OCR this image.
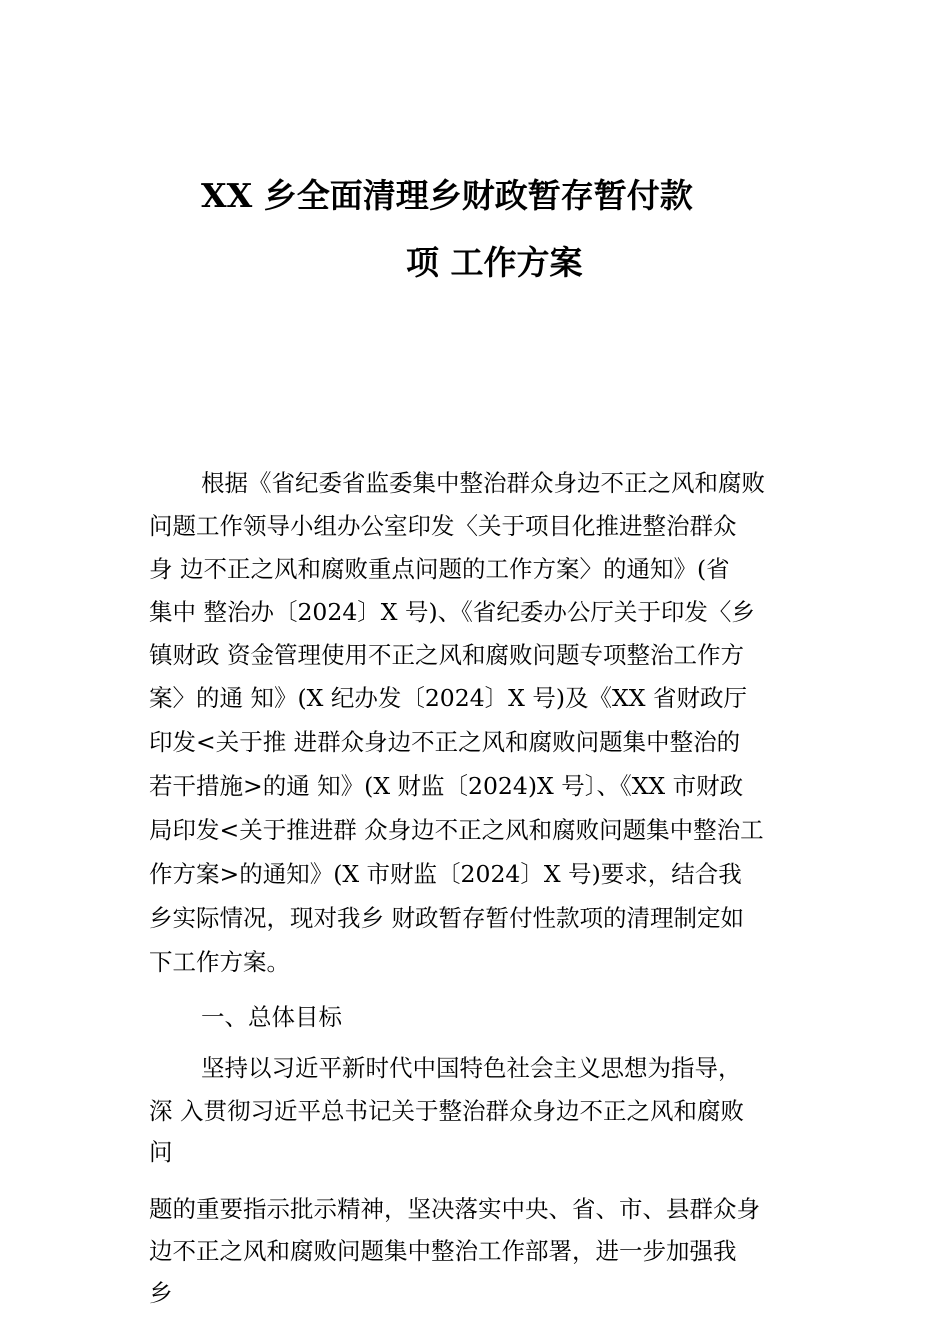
XX 乡全面清理乡财政暂存暂付款
项 工作方案
根据《省纪委省监委集中整治群众身边不正之风和腐败
问题工作领导小组办公室印发〈关于项目化推进整治群众
身 边不正之风和腐败重点问题的工作方案〉的通知》(省
集中 整治办〔2024〕X 号)、《省纪委办公厅关于印发〈乡
镇财政 资金管理使用不正之风和腐败问题专项整治工作方
案〉的通 知》(X 纪办发〔2024〕X 号)及《XX 省财政厅
印发<关于推 进群众身边不正之风和腐败问题集中整治的
若干措施>的通 知》(X 财监〔2024)X 号〕、《XX 市财政
局印发<关于推进群 众身边不正之风和腐败问题集中整治工
作方案>的通知》(X 市财监〔2024〕X 号)要求，结合我
乡实际情况，现对我乡 财政暂存暂付性款项的清理制定如
下工作方案。
一、总体目标
坚持以习近平新时代中国特色社会主义思想为指导，
深 入贯彻习近平总书记关于整治群众身边不正之风和腐败
问
题的重要指示批示精神，坚决落实中央、省、市、县群众身
边不正之风和腐败问题集中整治工作部署，进一步加强我
乡
